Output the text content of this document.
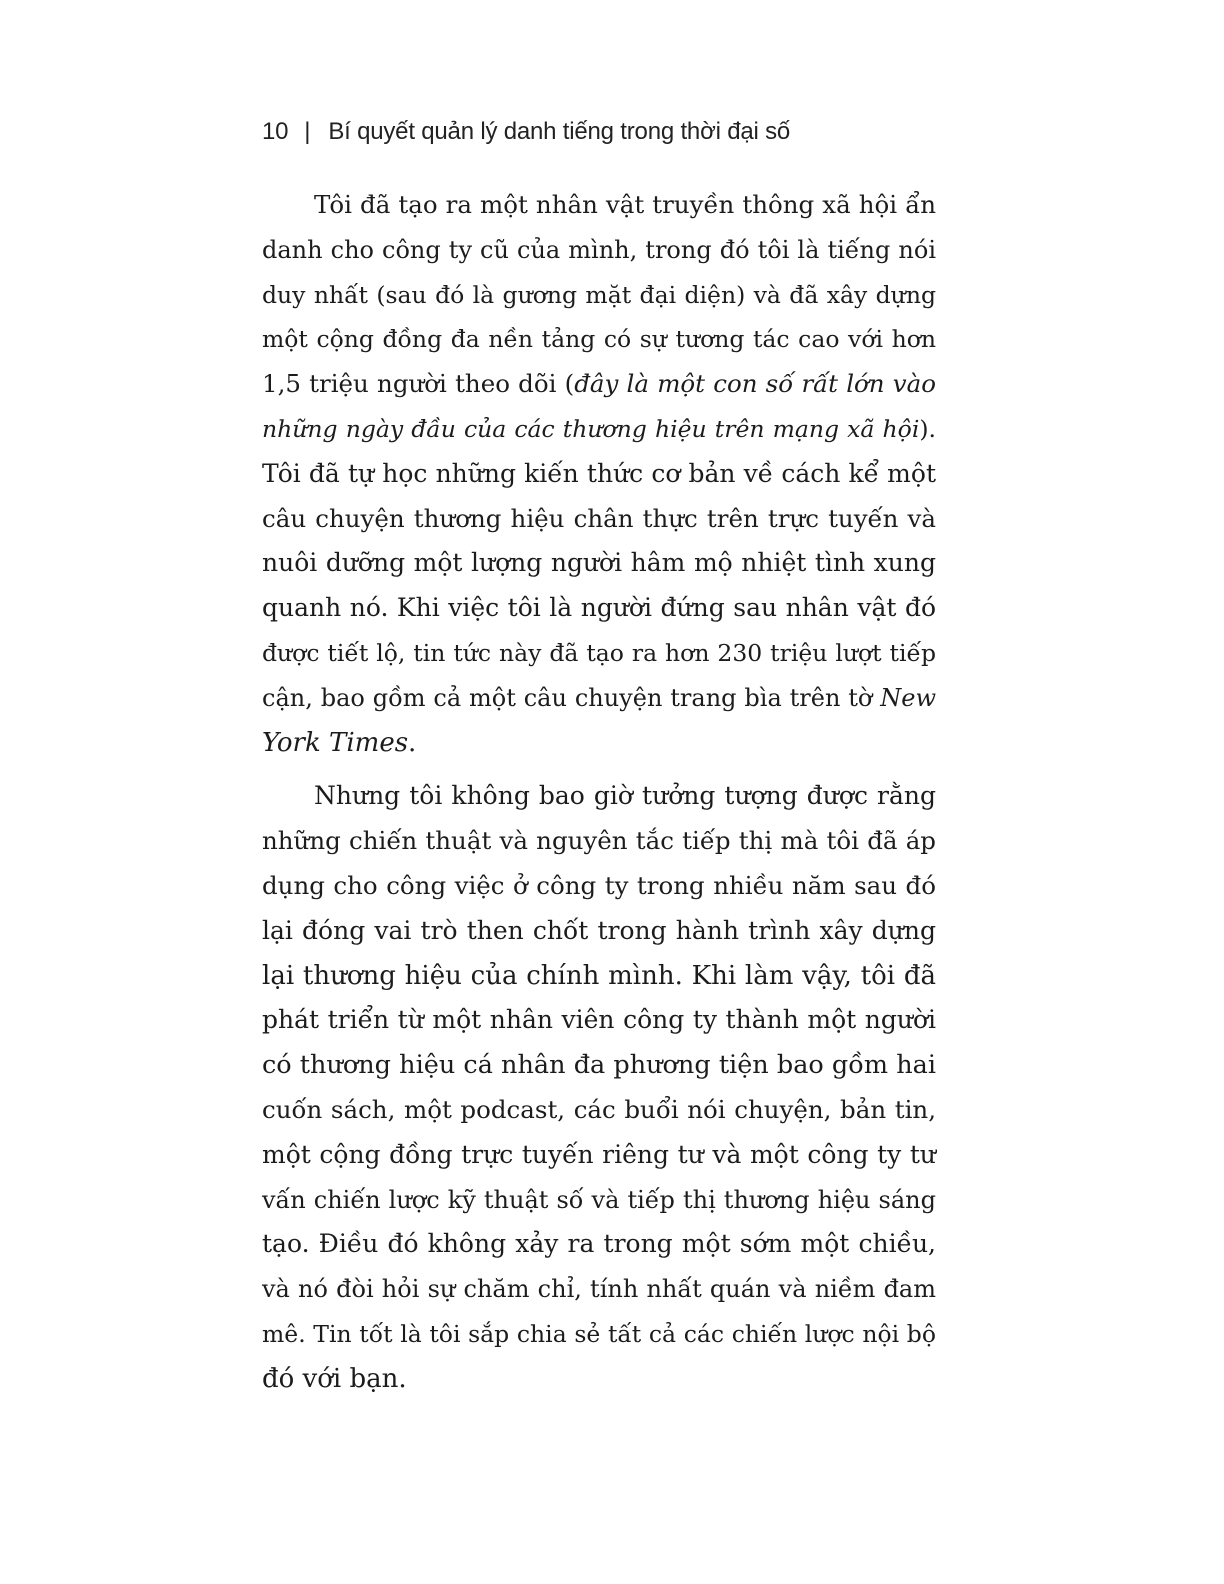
10 | Bí quyết quản lý danh tiếng trong thời đại số

Tôi đã tạo ra một nhân vật truyền thông xã hội ẩn
danh cho công ty cũ của mình, trong đó tôi là tiếng nói
duy nhất (sau đó là gương mặt đại diện) và đã xây dựng
một cộng đồng đa nền tảng có sự tương tác cao với hơn
1,5 triệu người theo dõi (đây là một con số rất lớn vào
những ngày đầu của các thương hiệu trên mạng xã hội).
Tôi đã tự học những kiến thức cơ bản về cách kể một
câu chuyện thương hiệu chân thực trên trực tuyến và
nuôi dưỡng một lượng người hâm mộ nhiệt tình xung
quanh nó. Khi việc tôi là người đứng sau nhân vật đó
được tiết lộ, tin tức này đã tạo ra hơn 230 triệu lượt tiếp
cận, bao gồm cả một câu chuyện trang bìa trên tờ New
York Times.

Nhưng tôi không bao giờ tưởng tượng được rằng
những chiến thuật và nguyên tắc tiếp thị mà tôi đã áp
dụng cho công việc ở công ty trong nhiều năm sau đó
lại đóng vai trò then chốt trong hành trình xây dựng
lại thương hiệu của chính mình. Khi làm vậy, tôi đã
phát triển từ một nhân viên công ty thành một người
có thương hiệu cá nhân đa phương tiện bao gồm hai
cuốn sách, một podcast, các buổi nói chuyện, bản tin,
một cộng đồng trực tuyến riêng tư và một công ty tư
vấn chiến lược kỹ thuật số và tiếp thị thương hiệu sáng
tạo. Điều đó không xảy ra trong một sớm một chiều,
và nó đòi hỏi sự chăm chỉ, tính nhất quán và niềm đam
mê. Tin tốt là tôi sắp chia sẻ tất cả các chiến lược nội bộ
đó với bạn.
